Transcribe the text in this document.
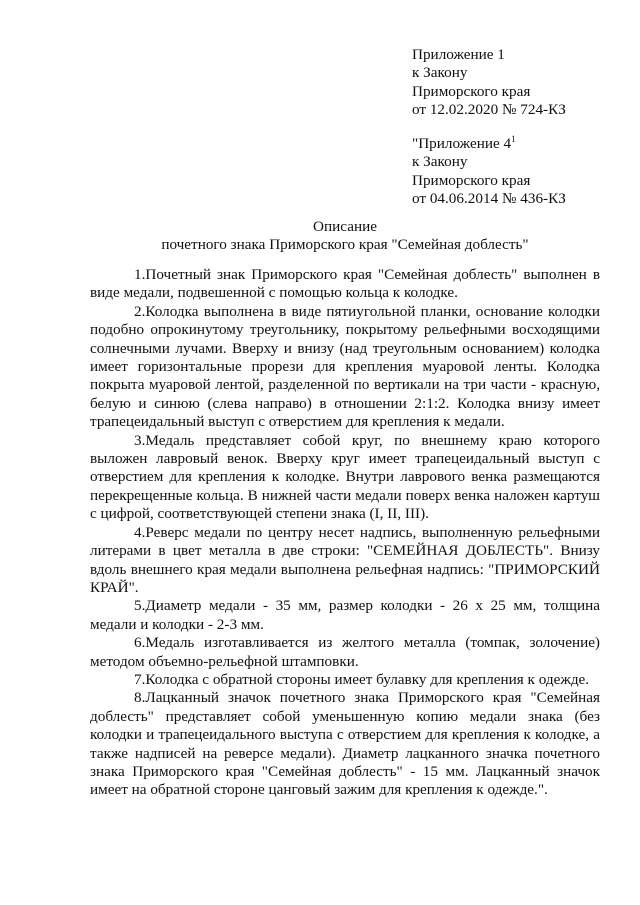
Приложение 1
к Закону
Приморского края
от 12.02.2020 № 724-КЗ
"Приложение $4^1$
к Закону
Приморского края
от 04.06.2014 № 436-КЗ
Описание
почетного знака Приморского края "Семейная доблесть"

1.Почетный знак Приморского края "Семейная доблесть" выполнен в виде медали, подвешенной с помощью кольца к колодке.

2.Колодка выполнена в виде пятиугольной планки, основание колодки подобно опрокинутому треугольнику, покрытому рельефными восходящими солнечными лучами. Вверху и внизу (над треугольным основанием) колодка имеет горизонтальные прорези для крепления муаровой ленты. Колодка покрыта муаровой лентой, разделенной по вертикали на три части - красную, белую и синюю (слева направо) в отношении 2:1:2. Колодка внизу имеет трапецеидальный выступ с отверстием для крепления к медали.

3.Медаль представляет собой круг, по внешнему краю которого выложен лавровый венок. Вверху круг имеет трапецеидальный выступ с отверстием для крепления к колодке. Внутри лаврового венка размещаются перекрещенные кольца. В нижней части медали поверх венка наложен картуш с цифрой, соответствующей степени знака (I, II, III).

4.Реверс медали по центру несет надпись, выполненную рельефными литерами в цвет металла в две строки: "СЕМЕЙНАЯ ДОБЛЕСТЬ". Внизу вдоль внешнего края медали выполнена рельефная надпись: "ПРИМОРСКИЙ КРАЙ".

5.Диаметр медали - 35 мм, размер колодки - 26 х 25 мм, толщина медали и колодки - 2-3 мм.

6.Медаль изготавливается из желтого металла (томпак, золочение) методом объемно-рельефной штамповки.

7.Колодка с обратной стороны имеет булавку для крепления к одежде.

8.Лацканный значок почетного знака Приморского края "Семейная доблесть" представляет собой уменьшенную копию медали знака (без колодки и трапецеидального выступа с отверстием для крепления к колодке, а также надписей на реверсе медали). Диаметр лацканного значка почетного знака Приморского края "Семейная доблесть" - 15 мм. Лацканный значок имеет на обратной стороне цанговый зажим для крепления к одежде.".
